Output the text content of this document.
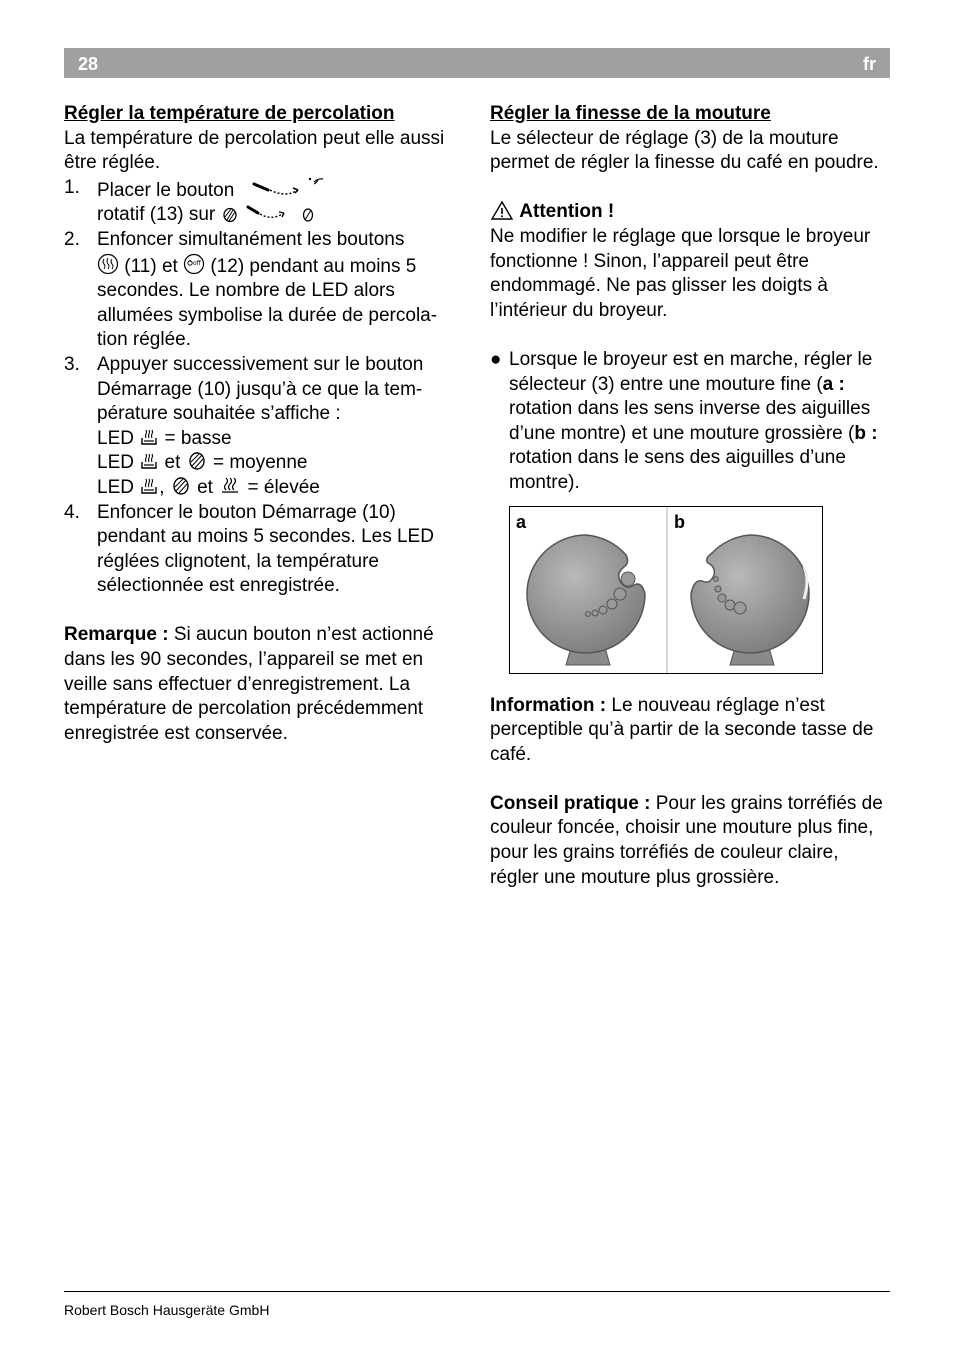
28	fr

Régler la température de percolation

La température de percolation peut elle aussi être réglée.

1. Placer le bouton
rotatif (13) sur
2. Enfoncer simultanément les boutons
(11) et	off (12) pendant au moins 5 secondes. Le nombre de LED alors allumées symbolise la durée de percola-tion réglée.
3. Appuyer successivement sur le bouton Démarrage (10) jusqu’à ce que la tem-pérature souhaitée s’affiche :
LED = basse
LED et = moyenne
LED , et = élevée
4. Enfoncer le bouton Démarrage (10) pendant au moins 5 secondes. Les LED réglées clignotent, la température sélectionnée est enregistrée.

Remarque : Si aucun bouton n’est actionné dans les 90 secondes, l’appareil se met en veille sans effectuer d’enregistrement. La température de percolation précédemment enregistrée est conservée.

Régler la finesse de la mouture

Le sélecteur de réglage (3) de la mouture permet de régler la finesse du café en poudre.

Attention !

Ne modifier le réglage que lorsque le broyeur fonctionne ! Sinon, l’appareil peut être endommagé. Ne pas glisser les doigts à l’intérieur du broyeur.

● Lorsque le broyeur est en marche, régler le sélecteur (3) entre une mouture fine (a : rotation dans les sens inverse des aiguilles d’une montre) et une mouture grossière (b : rotation dans le sens des aiguilles d’une montre).
a	b

Information : Le nouveau réglage n’est perceptible qu’à partir de la seconde tasse de café.

Conseil pratique : Pour les grains torréfiés de couleur foncée, choisir une mouture plus fine, pour les grains torréfiés de couleur claire, régler une mouture plus grossière.

Robert Bosch Hausgeräte GmbH
